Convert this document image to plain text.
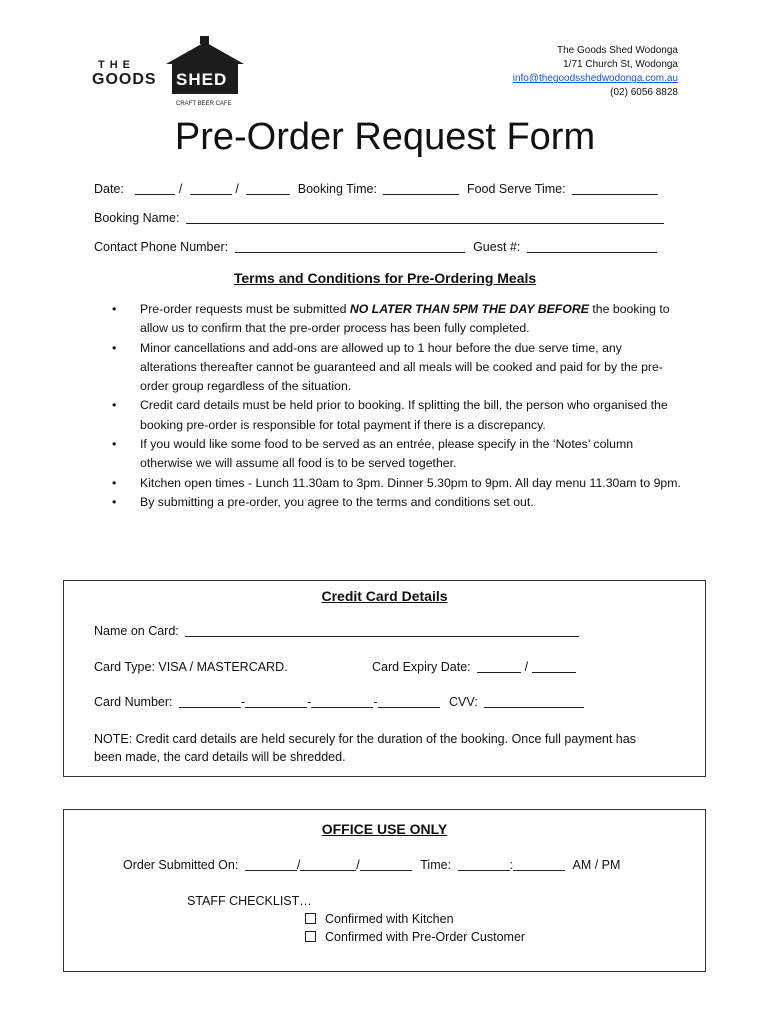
THE
GOODS SHED
CRAFT BEER CAFE
The Goods Shed Wodonga
1/71 Church St, Wodonga
info@thegoodsshedwodonga.com.au
(02) 6056 8828
Pre-Order Request Form
Date:	/	/	Booking Time:	Food Serve Time:
Booking Name:
Contact Phone Number:	Guest #:
Terms and Conditions for Pre-Ordering Meals
• Pre-order requests must be submitted NO LATER THAN 5PM THE DAY BEFORE the booking to allow us to confirm that the pre-order process has been fully completed.
• Minor cancellations and add-ons are allowed up to 1 hour before the due serve time, any alterations thereafter cannot be guaranteed and all meals will be cooked and paid for by the pre-order group regardless of the situation.
• Credit card details must be held prior to booking. If splitting the bill, the person who organised the booking pre-order is responsible for total payment if there is a discrepancy.
• If you would like some food to be served as an entrée, please specify in the ‘Notes’ column otherwise we will assume all food is to be served together.
• Kitchen open times - Lunch 11.30am to 3pm. Dinner 5.30pm to 9pm. All day menu 11.30am to 9pm.
• By submitting a pre-order, you agree to the terms and conditions set out.
Credit Card Details
Name on Card:
Card Type: VISA / MASTERCARD.	Card Expiry Date:	/
Card Number:	-	-	-	CVV:
NOTE: Credit card details are held securely for the duration of the booking. Once full payment has been made, the card details will be shredded.
OFFICE USE ONLY
Order Submitted On:	/	/	Time:	:	AM / PM
STAFF CHECKLIST…
Confirmed with Kitchen
Confirmed with Pre-Order Customer
